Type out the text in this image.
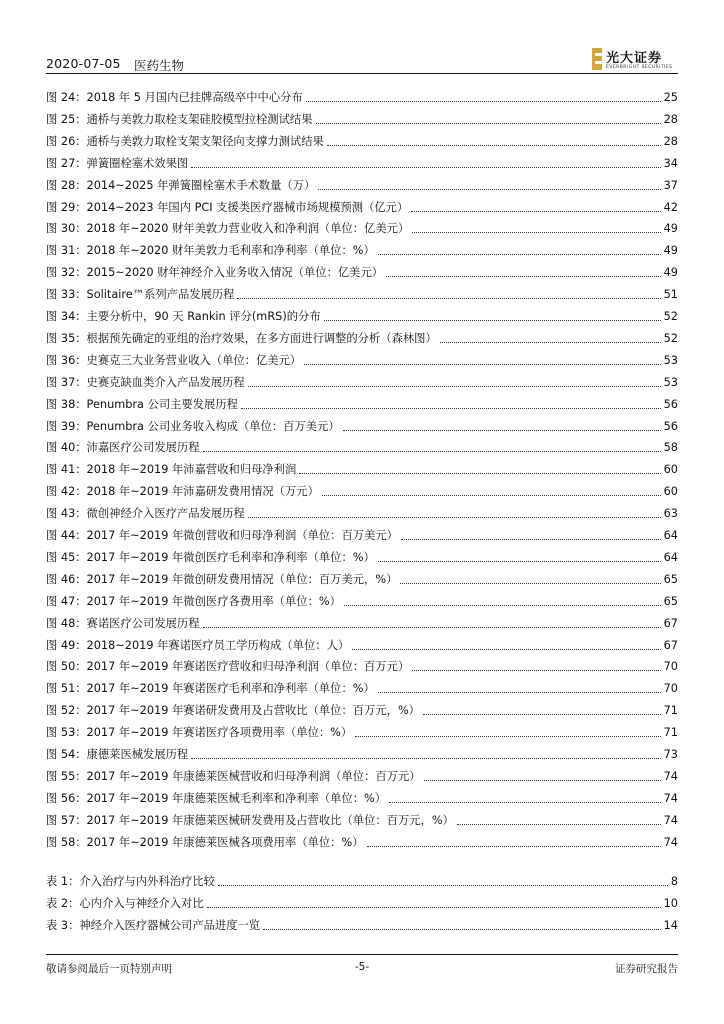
2020-07-05 医药生物	光大证券
EVERBRIGHT SECURITIES
图 24：2018 年 5 月国内已挂牌高级卒中中心分布	25
图 25：通桥与美敦力取栓支架硅胶模型拉栓测试结果	28
图 26：通桥与美敦力取栓支架支架径向支撑力测试结果	28
图 27：弹簧圈栓塞术效果图	34
图 28：2014~2025 年弹簧圈栓塞术手术数量（万）	37
图 29：2014~2023 年国内 PCI 支援类医疗器械市场规模预测（亿元）	42
图 30：2018 年~2020 财年美敦力营业收入和净利润（单位：亿美元）	49
图 31：2018 年~2020 财年美敦力毛利率和净利率（单位：%）	49
图 32：2015~2020 财年神经介入业务收入情况（单位：亿美元）	49
图 33：Solitaire™系列产品发展历程	51
图 34：主要分析中，90 天 Rankin 评分(mRS)的分布	52
图 35：根据预先确定的亚组的治疗效果，在多方面进行调整的分析（森林图）	52
图 36：史赛克三大业务营业收入（单位：亿美元）	53
图 37：史赛克缺血类介入产品发展历程	53
图 38：Penumbra 公司主要发展历程	56
图 39：Penumbra 公司业务收入构成（单位：百万美元）	56
图 40：沛嘉医疗公司发展历程	58
图 41：2018 年~2019 年沛嘉营收和归母净利润	60
图 42：2018 年~2019 年沛嘉研发费用情况（万元）	60
图 43：微创神经介入医疗产品发展历程	63
图 44：2017 年~2019 年微创营收和归母净利润（单位：百万美元）	64
图 45：2017 年~2019 年微创医疗毛利率和净利率（单位：%）	64
图 46：2017 年~2019 年微创研发费用情况（单位：百万美元，%）	65
图 47：2017 年~2019 年微创医疗各费用率（单位：%）	65
图 48：赛诺医疗公司发展历程	67
图 49：2018~2019 年赛诺医疗员工学历构成（单位：人）	67
图 50：2017 年~2019 年赛诺医疗营收和归母净利润（单位：百万元）	70
图 51：2017 年~2019 年赛诺医疗毛利率和净利率（单位：%）	70
图 52：2017 年~2019 年赛诺研发费用及占营收比（单位：百万元，%）	71
图 53：2017 年~2019 年赛诺医疗各项费用率（单位：%）	71
图 54：康德莱医械发展历程	73
图 55：2017 年~2019 年康德莱医械营收和归母净利润（单位：百万元）	74
图 56：2017 年~2019 年康德莱医械毛利率和净利率（单位：%）	74
图 57：2017 年~2019 年康德莱医械研发费用及占营收比（单位：百万元，%）	74
图 58：2017 年~2019 年康德莱医械各项费用率（单位：%）	74
表 1：介入治疗与内外科治疗比较	8
表 2：心内介入与神经介入对比	10
表 3：神经介入医疗器械公司产品进度一览	14
敬请参阅最后一页特别声明	-5-	证券研究报告
